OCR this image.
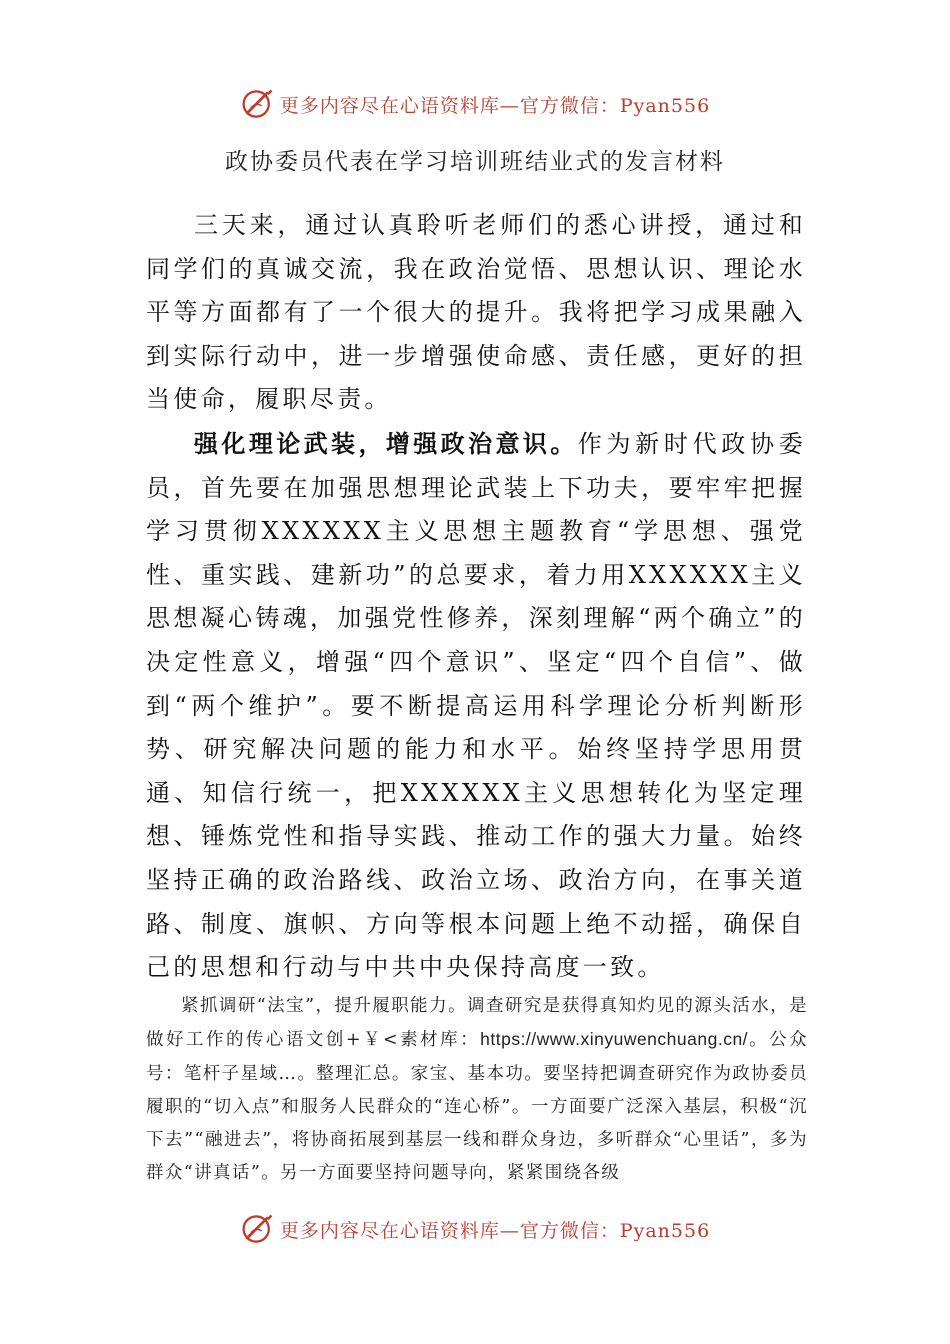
更多内容尽在心语资料库—官方微信：Pyan556
政协委员代表在学习培训班结业式的发言材料

三天来，通过认真聆听老师们的悉心讲授，通过和同学们的真诚交流，我在政治觉悟、思想认识、理论水平等方面都有了一个很大的提升。我将把学习成果融入到实际行动中，进一步增强使命感、责任感，更好的担当使命，履职尽责。

强化理论武装，增强政治意识。作为新时代政协委员，首先要在加强思想理论武装上下功夫，要牢牢把握学习贯彻XXXXXX主义思想主题教育“学思想、强党性、重实践、建新功”的总要求，着力用XXXXXX主义思想凝心铸魂，加强党性修养，深刻理解“两个确立”的决定性意义，增强“四个意识”、坚定“四个自信”、做到“两个维护”。要不断提高运用科学理论分析判断形势、研究解决问题的能力和水平。始终坚持学思用贯通、知信行统一，把XXXXXX主义思想转化为坚定理想、锤炼党性和指导实践、推动工作的强大力量。始终坚持正确的政治路线、政治立场、政治方向，在事关道路、制度、旗帜、方向等根本问题上绝不动摇，确保自己的思想和行动与中共中央保持高度一致。

紧抓调研“法宝”，提升履职能力。调查研究是获得真知灼见的源头活水，是做好工作的传心语文创+￥<素材库：https://www.xinyuwenchuang.cn/。公众号：笔杆子星域…。整理汇总。家宝、基本功。要坚持把调查研究作为政协委员履职的“切入点”和服务人民群众的“连心桥”。一方面要广泛深入基层，积极“沉下去”“融进去”，将协商拓展到基层一线和群众身边，多听群众“心里话”，多为群众“讲真话”。另一方面要坚持问题导向，紧紧围绕各级

更多内容尽在心语资料库—官方微信：Pyan556
